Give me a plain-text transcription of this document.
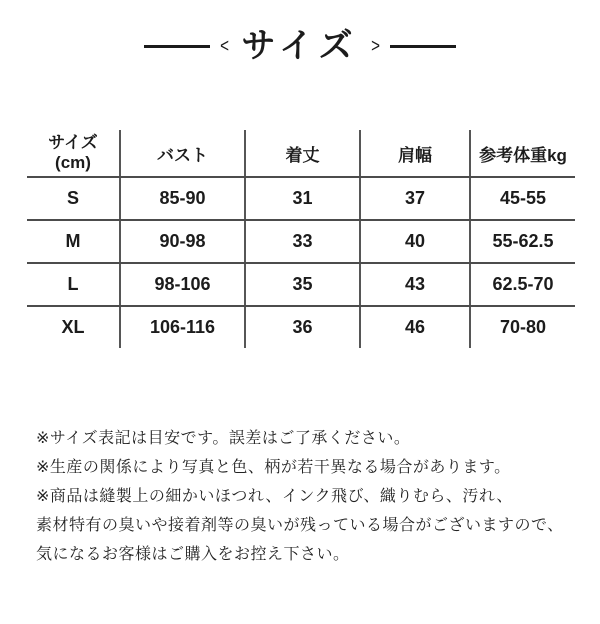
< サイズ >
サイズ
(cm)	バスト	着丈	肩幅	参考体重kg
S	85-90	31	37	45-55
M	90-98	33	40	55-62.5
L	98-106	35	43	62.5-70
XL	106-116	36	46	70-80
※サイズ表記は目安です。誤差はご了承ください。
※生産の関係により写真と色、柄が若干異なる場合があります。
※商品は縫製上の細かいほつれ、インク飛び、織りむら、汚れ、
素材特有の臭いや接着剤等の臭いが残っている場合がございますので、
気になるお客様はご購入をお控え下さい。
